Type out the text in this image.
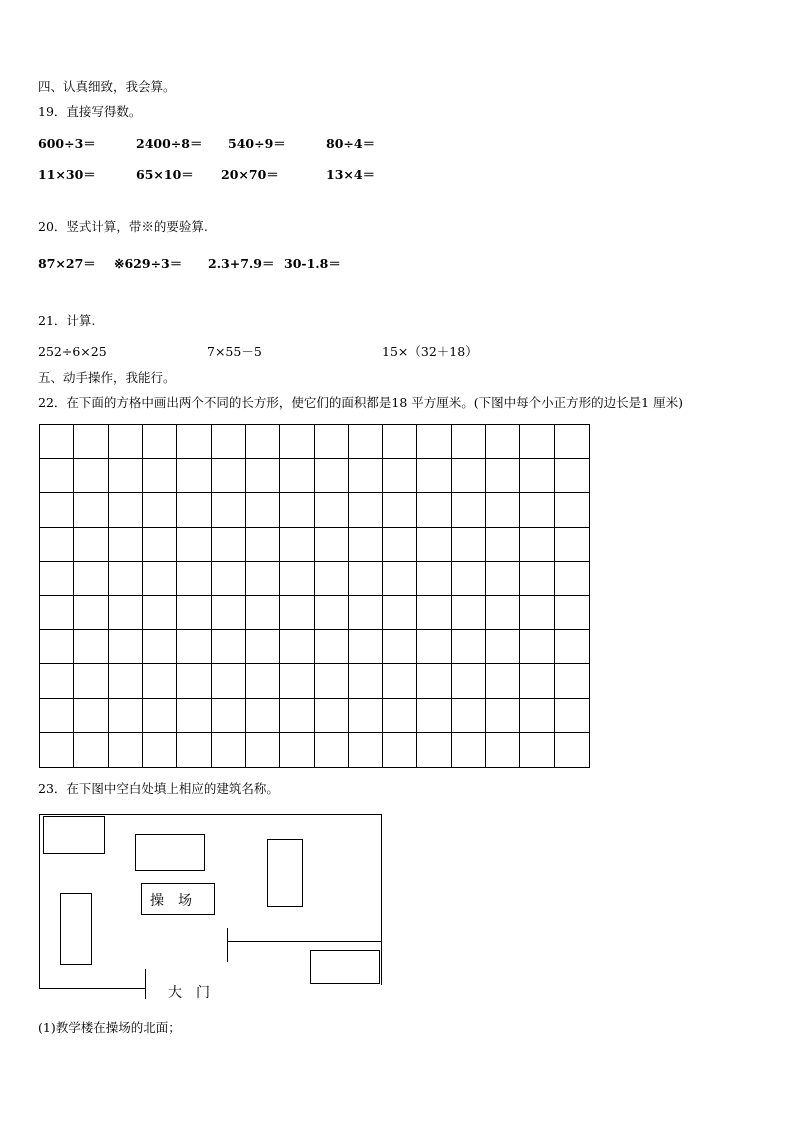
四、认真细致，我会算。
19．直接写得数。
600÷3＝	2400÷8＝ 540÷9＝	80÷4＝
11×30＝	65×10＝ 20×70＝	13×4＝
20．竖式计算，带※的要验算.
87×27＝ ※629÷3＝ 2.3+7.9＝ 30-1.8＝
21．计算.
252÷6×25	7×55－5	15×（32＋18）
五、动手操作，我能行。
22．在下面的方格中画出两个不同的长方形，使它们的面积都是18 平方厘米。(下图中每个小正方形的边长是1 厘米)
23．在下图中空白处填上相应的建筑名称。
操场
大门
(1)教学楼在操场的北面；
